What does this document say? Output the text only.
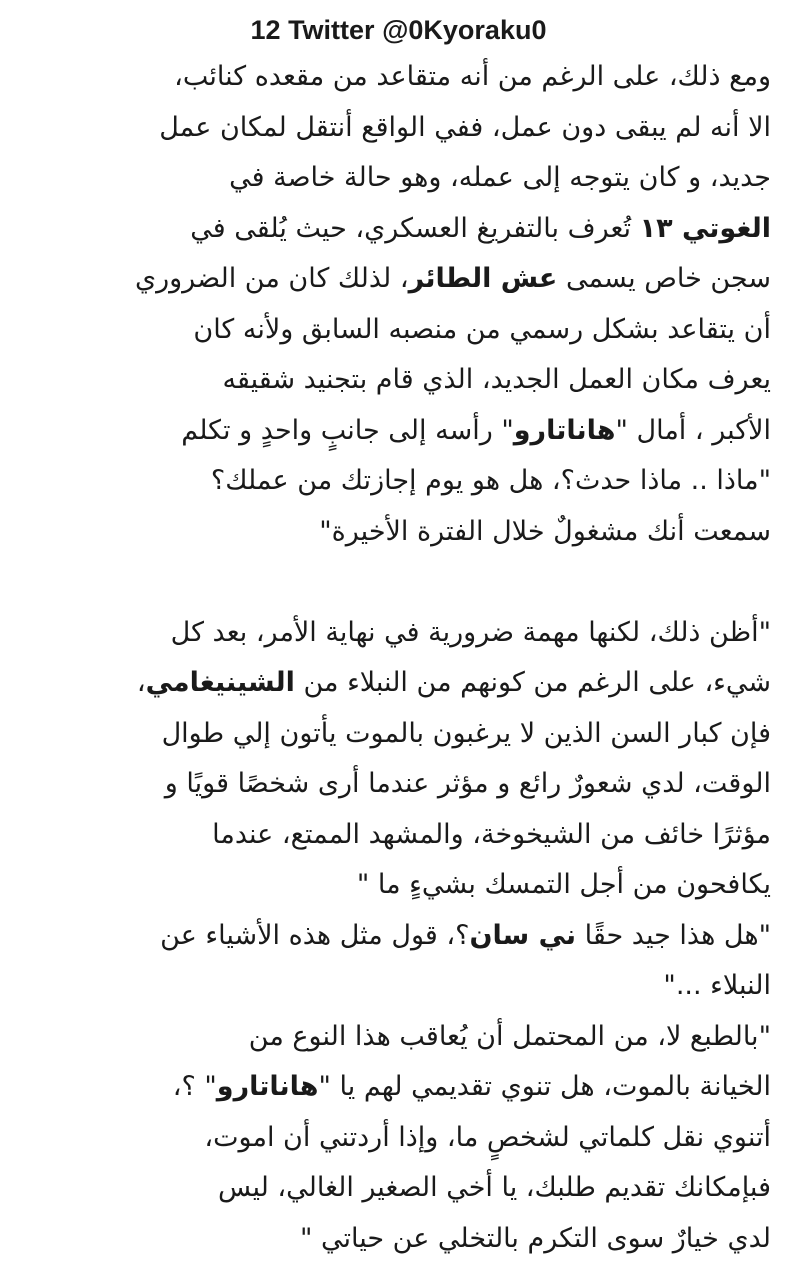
12 Twitter @0Kyoraku0
ومع ذلك، على الرغم من أنه متقاعد من مقعده كنائب،
الا أنه لم يبقى دون عمل، ففي الواقع أنتقل لمكان عمل
جديد، و كان يتوجه إلى عمله، وهو حالة خاصة في
الغوتي ١٣ تُعرف بالتفريغ العسكري، حيث يُلقى في
سجن خاص يسمى عش الطائر، لذلك كان من الضروري
أن يتقاعد بشكل رسمي من منصبه السابق ولأنه كان
يعرف مكان العمل الجديد، الذي قام بتجنيد شقيقه
الأكبر ، أمال "هاناتارو" رأسه إلى جانبٍ واحدٍ و تكلم
"ماذا .. ماذا حدث؟، هل هو يوم إجازتك من عملك؟
سمعت أنك مشغولٌ خلال الفترة الأخيرة"
"أظن ذلك، لكنها مهمة ضرورية في نهاية الأمر، بعد كل
شيء، على الرغم من كونهم من النبلاء من الشينيغامي،
فإن كبار السن الذين لا يرغبون بالموت يأتون إلي طوال
الوقت، لدي شعورٌ رائع و مؤثر عندما أرى شخصًا قويًا و
مؤثرًا خائف من الشيخوخة، والمشهد الممتع، عندما
يكافحون من أجل التمسك بشيءٍ ما "
"هل هذا جيد حقًا ني سان؟، قول مثل هذه الأشياء عن
النبلاء ..."
"بالطبع لا، من المحتمل أن يُعاقب هذا النوع من
الخيانة بالموت، هل تنوي تقديمي لهم يا "هاناتارو" ؟،
أتنوي نقل كلماتي لشخصٍ ما، وإذا أردتني أن اموت،
فبإمكانك تقديم طلبك، يا أخي الصغير الغالي، ليس
لدي خيارٌ سوى التكرم بالتخلي عن حياتي "
